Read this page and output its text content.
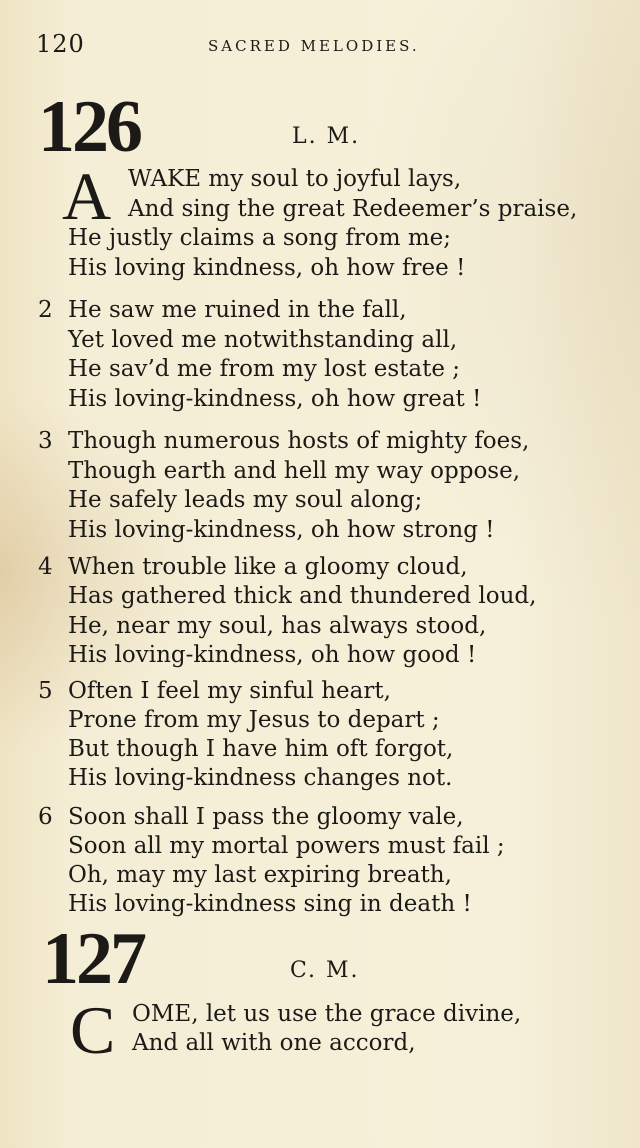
120	SACRED MELODIES.
126	L. M.
A WAKE my soul to joyful lays,
And sing the great Redeemer’s praise,
He justly claims a song from me;
His loving kindness, oh how free !
2 He saw me ruined in the fall,
Yet loved me notwithstanding all,
He sav’d me from my lost estate ;
His loving-kindness, oh how great !
3 Though numerous hosts of mighty foes,
Though earth and hell my way oppose,
He safely leads my soul along;
His loving-kindness, oh how strong !
4 When trouble like a gloomy cloud,
Has gathered thick and thundered loud,
He, near my soul, has always stood,
His loving-kindness, oh how good !
5 Often I feel my sinful heart,
Prone from my Jesus to depart ;
But though I have him oft forgot,
His loving-kindness changes not.
6 Soon shall I pass the gloomy vale,
Soon all my mortal powers must fail ;
Oh, may my last expiring breath,
His loving-kindness sing in death !
127	C. M.
C OME, let us use the grace divine,
And all with one accord,
